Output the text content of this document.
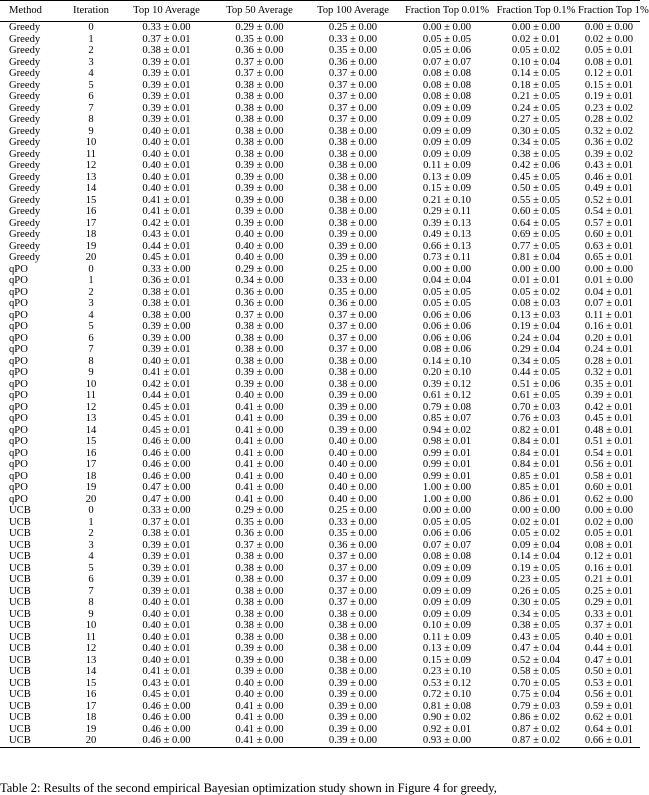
Method	Iteration	Top 10 Average	Top 50 Average	Top 100 Average	Fraction Top 0.01%	Fraction Top 0.1%	Fraction Top 1%
Greedy	0	0.33 ± 0.00	0.29 ± 0.00	0.25 ± 0.00	0.00 ± 0.00	0.00 ± 0.00	0.00 ± 0.00
Greedy	1	0.37 ± 0.01	0.35 ± 0.00	0.33 ± 0.00	0.05 ± 0.05	0.02 ± 0.01	0.02 ± 0.00
Greedy	2	0.38 ± 0.01	0.36 ± 0.00	0.35 ± 0.00	0.05 ± 0.06	0.05 ± 0.02	0.05 ± 0.01
Greedy	3	0.39 ± 0.01	0.37 ± 0.00	0.36 ± 0.00	0.07 ± 0.07	0.10 ± 0.04	0.08 ± 0.01
Greedy	4	0.39 ± 0.01	0.37 ± 0.00	0.37 ± 0.00	0.08 ± 0.08	0.14 ± 0.05	0.12 ± 0.01
Greedy	5	0.39 ± 0.01	0.38 ± 0.00	0.37 ± 0.00	0.08 ± 0.08	0.18 ± 0.05	0.15 ± 0.01
Greedy	6	0.39 ± 0.01	0.38 ± 0.00	0.37 ± 0.00	0.08 ± 0.08	0.21 ± 0.05	0.19 ± 0.01
Greedy	7	0.39 ± 0.01	0.38 ± 0.00	0.37 ± 0.00	0.09 ± 0.09	0.24 ± 0.05	0.23 ± 0.02
Greedy	8	0.39 ± 0.01	0.38 ± 0.00	0.37 ± 0.00	0.09 ± 0.09	0.27 ± 0.05	0.28 ± 0.02
Greedy	9	0.40 ± 0.01	0.38 ± 0.00	0.38 ± 0.00	0.09 ± 0.09	0.30 ± 0.05	0.32 ± 0.02
Greedy	10	0.40 ± 0.01	0.38 ± 0.00	0.38 ± 0.00	0.09 ± 0.09	0.34 ± 0.05	0.36 ± 0.02
Greedy	11	0.40 ± 0.01	0.38 ± 0.00	0.38 ± 0.00	0.09 ± 0.09	0.38 ± 0.05	0.39 ± 0.02
Greedy	12	0.40 ± 0.01	0.39 ± 0.00	0.38 ± 0.00	0.11 ± 0.09	0.42 ± 0.06	0.43 ± 0.01
Greedy	13	0.40 ± 0.01	0.39 ± 0.00	0.38 ± 0.00	0.13 ± 0.09	0.45 ± 0.05	0.46 ± 0.01
Greedy	14	0.40 ± 0.01	0.39 ± 0.00	0.38 ± 0.00	0.15 ± 0.09	0.50 ± 0.05	0.49 ± 0.01
Greedy	15	0.41 ± 0.01	0.39 ± 0.00	0.38 ± 0.00	0.21 ± 0.10	0.55 ± 0.05	0.52 ± 0.01
Greedy	16	0.41 ± 0.01	0.39 ± 0.00	0.38 ± 0.00	0.29 ± 0.11	0.60 ± 0.05	0.54 ± 0.01
Greedy	17	0.42 ± 0.01	0.39 ± 0.00	0.38 ± 0.00	0.39 ± 0.13	0.64 ± 0.05	0.57 ± 0.01
Greedy	18	0.43 ± 0.01	0.40 ± 0.00	0.39 ± 0.00	0.49 ± 0.13	0.69 ± 0.05	0.60 ± 0.01
Greedy	19	0.44 ± 0.01	0.40 ± 0.00	0.39 ± 0.00	0.66 ± 0.13	0.77 ± 0.05	0.63 ± 0.01
Greedy	20	0.45 ± 0.01	0.40 ± 0.00	0.39 ± 0.00	0.73 ± 0.11	0.81 ± 0.04	0.65 ± 0.01
qPO	0	0.33 ± 0.00	0.29 ± 0.00	0.25 ± 0.00	0.00 ± 0.00	0.00 ± 0.00	0.00 ± 0.00
qPO	1	0.36 ± 0.01	0.34 ± 0.00	0.33 ± 0.00	0.04 ± 0.04	0.01 ± 0.01	0.01 ± 0.00
qPO	2	0.38 ± 0.01	0.36 ± 0.00	0.35 ± 0.00	0.05 ± 0.05	0.05 ± 0.02	0.04 ± 0.01
qPO	3	0.38 ± 0.01	0.36 ± 0.00	0.36 ± 0.00	0.05 ± 0.05	0.08 ± 0.03	0.07 ± 0.01
qPO	4	0.38 ± 0.00	0.37 ± 0.00	0.37 ± 0.00	0.06 ± 0.06	0.13 ± 0.03	0.11 ± 0.01
qPO	5	0.39 ± 0.00	0.38 ± 0.00	0.37 ± 0.00	0.06 ± 0.06	0.19 ± 0.04	0.16 ± 0.01
qPO	6	0.39 ± 0.00	0.38 ± 0.00	0.37 ± 0.00	0.06 ± 0.06	0.24 ± 0.04	0.20 ± 0.01
qPO	7	0.39 ± 0.01	0.38 ± 0.00	0.37 ± 0.00	0.08 ± 0.06	0.29 ± 0.04	0.24 ± 0.01
qPO	8	0.40 ± 0.01	0.38 ± 0.00	0.38 ± 0.00	0.14 ± 0.10	0.34 ± 0.05	0.28 ± 0.01
qPO	9	0.41 ± 0.01	0.39 ± 0.00	0.38 ± 0.00	0.20 ± 0.10	0.44 ± 0.05	0.32 ± 0.01
qPO	10	0.42 ± 0.01	0.39 ± 0.00	0.38 ± 0.00	0.39 ± 0.12	0.51 ± 0.06	0.35 ± 0.01
qPO	11	0.44 ± 0.01	0.40 ± 0.00	0.39 ± 0.00	0.61 ± 0.12	0.61 ± 0.05	0.39 ± 0.01
qPO	12	0.45 ± 0.01	0.41 ± 0.00	0.39 ± 0.00	0.79 ± 0.08	0.70 ± 0.03	0.42 ± 0.01
qPO	13	0.45 ± 0.01	0.41 ± 0.00	0.39 ± 0.00	0.85 ± 0.07	0.76 ± 0.03	0.45 ± 0.01
qPO	14	0.45 ± 0.01	0.41 ± 0.00	0.39 ± 0.00	0.94 ± 0.02	0.82 ± 0.01	0.48 ± 0.01
qPO	15	0.46 ± 0.00	0.41 ± 0.00	0.40 ± 0.00	0.98 ± 0.01	0.84 ± 0.01	0.51 ± 0.01
qPO	16	0.46 ± 0.00	0.41 ± 0.00	0.40 ± 0.00	0.99 ± 0.01	0.84 ± 0.01	0.54 ± 0.01
qPO	17	0.46 ± 0.00	0.41 ± 0.00	0.40 ± 0.00	0.99 ± 0.01	0.84 ± 0.01	0.56 ± 0.01
qPO	18	0.46 ± 0.00	0.41 ± 0.00	0.40 ± 0.00	0.99 ± 0.01	0.85 ± 0.01	0.58 ± 0.01
qPO	19	0.47 ± 0.00	0.41 ± 0.00	0.40 ± 0.00	1.00 ± 0.00	0.85 ± 0.01	0.60 ± 0.01
qPO	20	0.47 ± 0.00	0.41 ± 0.00	0.40 ± 0.00	1.00 ± 0.00	0.86 ± 0.01	0.62 ± 0.00
UCB	0	0.33 ± 0.00	0.29 ± 0.00	0.25 ± 0.00	0.00 ± 0.00	0.00 ± 0.00	0.00 ± 0.00
UCB	1	0.37 ± 0.01	0.35 ± 0.00	0.33 ± 0.00	0.05 ± 0.05	0.02 ± 0.01	0.02 ± 0.00
UCB	2	0.38 ± 0.01	0.36 ± 0.00	0.35 ± 0.00	0.06 ± 0.06	0.05 ± 0.02	0.05 ± 0.01
UCB	3	0.39 ± 0.01	0.37 ± 0.00	0.36 ± 0.00	0.07 ± 0.07	0.09 ± 0.04	0.08 ± 0.01
UCB	4	0.39 ± 0.01	0.38 ± 0.00	0.37 ± 0.00	0.08 ± 0.08	0.14 ± 0.04	0.12 ± 0.01
UCB	5	0.39 ± 0.01	0.38 ± 0.00	0.37 ± 0.00	0.09 ± 0.09	0.19 ± 0.05	0.16 ± 0.01
UCB	6	0.39 ± 0.01	0.38 ± 0.00	0.37 ± 0.00	0.09 ± 0.09	0.23 ± 0.05	0.21 ± 0.01
UCB	7	0.39 ± 0.01	0.38 ± 0.00	0.37 ± 0.00	0.09 ± 0.09	0.26 ± 0.05	0.25 ± 0.01
UCB	8	0.40 ± 0.01	0.38 ± 0.00	0.37 ± 0.00	0.09 ± 0.09	0.30 ± 0.05	0.29 ± 0.01
UCB	9	0.40 ± 0.01	0.38 ± 0.00	0.38 ± 0.00	0.09 ± 0.09	0.34 ± 0.05	0.33 ± 0.01
UCB	10	0.40 ± 0.01	0.38 ± 0.00	0.38 ± 0.00	0.10 ± 0.09	0.38 ± 0.05	0.37 ± 0.01
UCB	11	0.40 ± 0.01	0.38 ± 0.00	0.38 ± 0.00	0.11 ± 0.09	0.43 ± 0.05	0.40 ± 0.01
UCB	12	0.40 ± 0.01	0.39 ± 0.00	0.38 ± 0.00	0.13 ± 0.09	0.47 ± 0.04	0.44 ± 0.01
UCB	13	0.40 ± 0.01	0.39 ± 0.00	0.38 ± 0.00	0.15 ± 0.09	0.52 ± 0.04	0.47 ± 0.01
UCB	14	0.41 ± 0.01	0.39 ± 0.00	0.38 ± 0.00	0.23 ± 0.10	0.58 ± 0.05	0.50 ± 0.01
UCB	15	0.43 ± 0.01	0.40 ± 0.00	0.39 ± 0.00	0.53 ± 0.12	0.70 ± 0.05	0.53 ± 0.01
UCB	16	0.45 ± 0.01	0.40 ± 0.00	0.39 ± 0.00	0.72 ± 0.10	0.75 ± 0.04	0.56 ± 0.01
UCB	17	0.46 ± 0.00	0.41 ± 0.00	0.39 ± 0.00	0.81 ± 0.08	0.79 ± 0.03	0.59 ± 0.01
UCB	18	0.46 ± 0.00	0.41 ± 0.00	0.39 ± 0.00	0.90 ± 0.02	0.86 ± 0.02	0.62 ± 0.01
UCB	19	0.46 ± 0.00	0.41 ± 0.00	0.39 ± 0.00	0.92 ± 0.01	0.87 ± 0.02	0.64 ± 0.01
UCB	20	0.46 ± 0.00	0.41 ± 0.00	0.39 ± 0.00	0.93 ± 0.00	0.87 ± 0.02	0.66 ± 0.01
Table 2: Results of the second empirical Bayesian optimization study shown in Figure 4 for greedy,
